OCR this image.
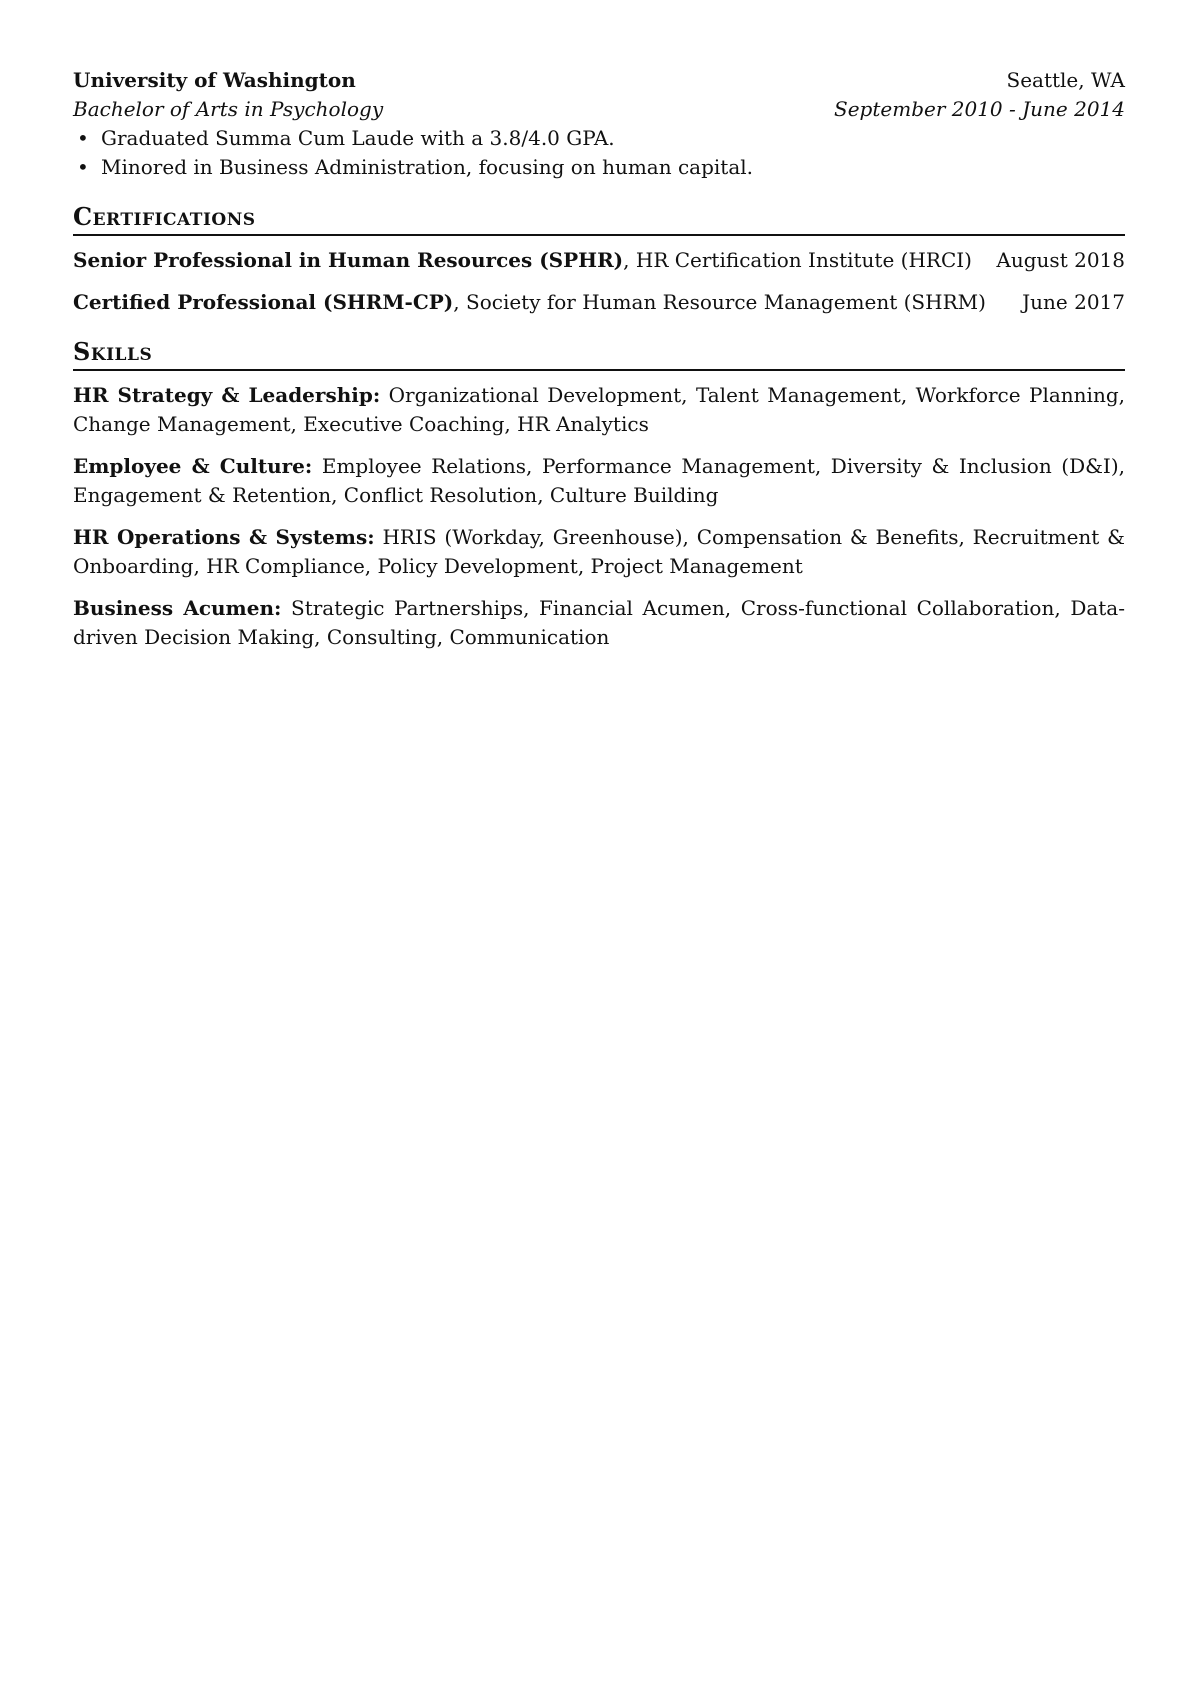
University of Washington	Seattle, WA
Bachelor of Arts in Psychology	September 2010 - June 2014
• Graduated Summa Cum Laude with a 3.8/4.0 GPA.
• Minored in Business Administration, focusing on human capital.
Certifications
Senior Professional in Human Resources (SPHR), HR Certification Institute (HRCI) August 2018
Certified Professional (SHRM-CP), Society for Human Resource Management (SHRM) June 2017
Skills
HR Strategy & Leadership: Organizational Development, Talent Management, Workforce Planning, Change Management, Executive Coaching, HR Analytics
Employee & Culture: Employee Relations, Performance Management, Diversity & Inclusion (D&I), Engagement & Retention, Conflict Resolution, Culture Building
HR Operations & Systems: HRIS (Workday, Greenhouse), Compensation & Benefits, Recruitment & Onboarding, HR Compliance, Policy Development, Project Management
Business Acumen: Strategic Partnerships, Financial Acumen, Cross-functional Collaboration, Data-driven Decision Making, Consulting, Communication
